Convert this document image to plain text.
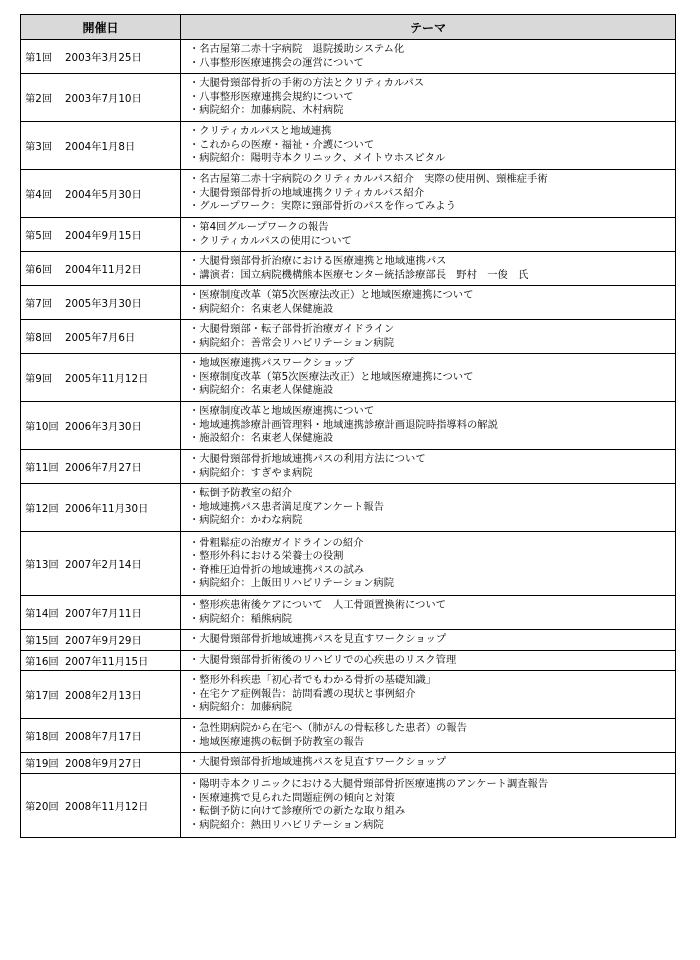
開催日	テーマ
第1回 2003年3月25日	・ 名古屋第二赤十字病院　退院援助システム化
・ 八事整形医療連携会の運営について

第2回 2003年7月10日	・ 大腿骨頸部骨折の手術の方法とクリティカルパス
・ 八事整形医療連携会規約について
・ 病院紹介：加藤病院、木村病院

第3回 2004年1月8日	・ クリティカルパスと地域連携
・ これからの医療・福祉・介護について
・ 病院紹介：陽明寺本クリニック、メイトウホスピタル

第4回 2004年5月30日	・ 名古屋第二赤十字病院のクリティカルパス紹介　実際の使用例、頸椎症手術
・ 大腿骨頸部骨折の地域連携クリティカルパス紹介
・ グループワーク：実際に頸部骨折のパスを作ってみよう

第5回 2004年9月15日	・ 第4回グループワークの報告
・ クリティカルパスの使用について

第6回 2004年11月2日	・ 大腿骨頸部骨折治療における医療連携と地域連携パス
・ 講演者：国立病院機構熊本医療センター統括診療部長　野村　一俊　氏

第7回 2005年3月30日	・ 医療制度改革（第5次医療法改正）と地域医療連携について
・ 病院紹介：名東老人保健施設

第8回 2005年7月6日	・ 大腿骨頸部・転子部骨折治療ガイドライン
・ 病院紹介：善常会リハビリテーション病院

第9回 2005年11月12日	・ 地域医療連携パスワークショップ
・ 医療制度改革（第5次医療法改正）と地域医療連携について
・ 病院紹介：名東老人保健施設

第10回 2006年3月30日	・ 医療制度改革と地域医療連携について
・ 地域連携診療計画管理料・地域連携診療計画退院時指導料の解説
・ 施設紹介：名東老人保健施設

第11回 2006年7月27日	・ 大腿骨頸部骨折地域連携パスの利用方法について
・ 病院紹介：すぎやま病院

第12回 2006年11月30日	・ 転倒予防教室の紹介
・ 地域連携パス患者満足度アンケート報告
・ 病院紹介：かわな病院

第13回 2007年2月14日	・ 骨粗鬆症の治療ガイドラインの紹介
・ 整形外科における栄養士の役割
・ 脊椎圧迫骨折の地域連携パスの試み
・ 病院紹介：上飯田リハビリテーション病院

第14回 2007年7月11日	・ 整形疾患術後ケアについて　人工骨頭置換術について
・ 病院紹介：稲熊病院

第15回 2007年9月29日	・ 大腿骨頸部骨折地域連携パスを見直すワークショップ

第16回 2007年11月15日	・ 大腿骨頸部骨折術後のリハビリでの心疾患のリスク管理

第17回 2008年2月13日	・ 整形外科疾患「初心者でもわかる骨折の基礎知識」
・ 在宅ケア症例報告：訪問看護の現状と事例紹介
・ 病院紹介：加藤病院

第18回 2008年7月17日	・ 急性期病院から在宅へ（肺がんの骨転移した患者）の報告
・ 地域医療連携の転倒予防教室の報告

第19回 2008年9月27日	・ 大腿骨頸部骨折地域連携パスを見直すワークショップ

第20回 2008年11月12日	・ 陽明寺本クリニックにおける大腿骨頸部骨折医療連携のアンケート調査報告
・ 医療連携で見られた問題症例の傾向と対策
・ 転倒予防に向けて診療所での新たな取り組み
・ 病院紹介：熱田リハビリテーション病院
